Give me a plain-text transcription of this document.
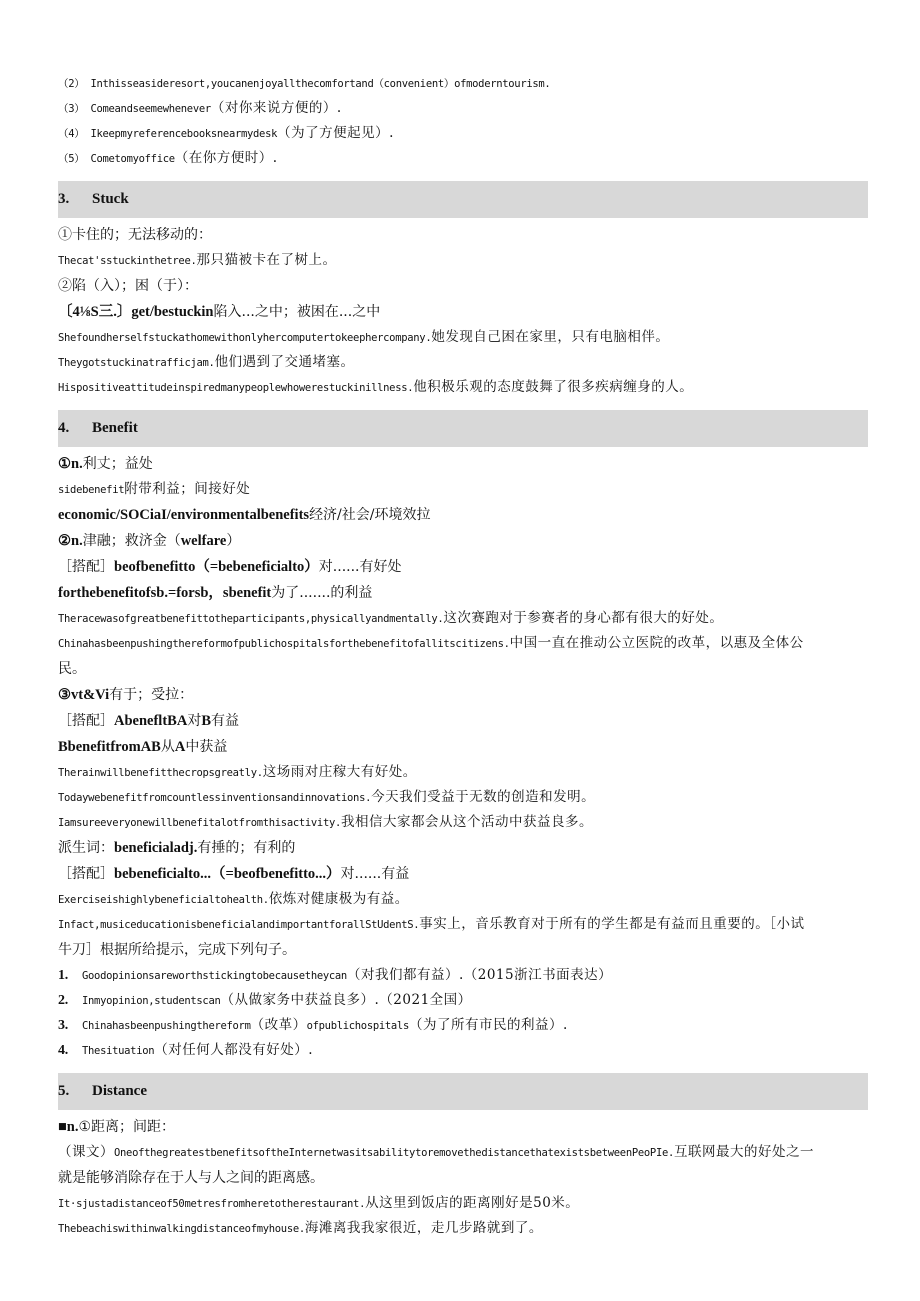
（2） Inthisseasideresort,youcanenjoyallthecomfortand（convenient）ofmoderntourism.

（3） Comeandseemewhenever（对你来说方便的）.

（4） Ikeepmyreferencebooksnearmydesk（为了方便起见）.

（5） Cometomyoffice（在你方便时）.

3. Stuck

①卡住的；无法移动的：

Thecat'sstuckinthetree.那只猫被卡在了树上。

②陷（入）；困（于）：

〔4⅛S三.〕get/bestuckin陷入...之中；被困在...之中

Shefoundherselfstuckathomewithonlyhercomputertokeephercompany.她发现自己困在家里，只有电脑相伴。

Theygotstuckinatrafficjam.他们遇到了交通堵塞。

Hispositiveattitudeinspiredmanypeoplewhowerestuckinillness.他积极乐观的态度鼓舞了很多疾病缠身的人。

4. Benefit

①n.利丈；益处

sidebenefit附带利益；间接好处

economic/SOCiaI/environmentalbenefits经济/社会/环境效拉

②n.津融；救济金（welfare）

［搭配］beofbenefitto（=bebeneficialto）对......有好处

forthebenefitofsb.=forsb，sbenefit为了.......的利益

Theracewasofgreatbenefittotheparticipants,physicallyandmentally.这次赛跑对于参赛者的身心都有很大的好处。

Chinahasbeenpushingthereformofpublichospitalsforthebenefitofallitscitizens.中国一直在推动公立医院的改革，以惠及全体公

民。

③vt&Vi有于；受拉：

［搭配］AbenefltBA对B有益

BbenefitfromAB从A中获益

Therainwillbenefitthecropsgreatly.这场雨对庄稼大有好处。

Todaywebenefitfromcountlessinventionsandinnovations.今天我们受益于无数的创造和发明。

Iamsureeveryonewillbenefitalotfromthisactivity.我相信大家都会从这个活动中获益良多。

派生词：beneficialadj.有捶的；有利的

［搭配］bebeneficialto...（=beofbenefitto...）对......有益

Exerciseishighlybeneficialtohealth.依炼对健康极为有益。

Infact,musiceducationisbeneficialandimportantforallStUdentS.事实上，音乐教育对于所有的学生都是有益而且重要的。［小试

牛刀］根据所给提示，完成下列句子。

1. Goodopinionsareworthstickingtobecausetheycan（对我们都有益）.（2015浙江书面表达）

2. Inmyopinion,studentscan（从做家务中获益良多）.（2021全国）

3. Chinahasbeenpushingthereform（改革）ofpublichospitals（为了所有市民的利益）.

4. Thesituation（对任何人都没有好处）.

5. Distance

■n.①距离；间距：

（课文）OneofthegreatestbenefitsoftheInternetwasitsabilitytoremovethedistancethatexistsbetweenPeoPIe.互联网最大的好处之一

就是能够消除存在于人与人之间的距离感。

It·sjustadistanceof50metresfromheretotherestaurant.从这里到饭店的距离刚好是50米。

Thebeachiswithinwalkingdistanceofmyhouse.海滩离我我家很近，走几步路就到了。
